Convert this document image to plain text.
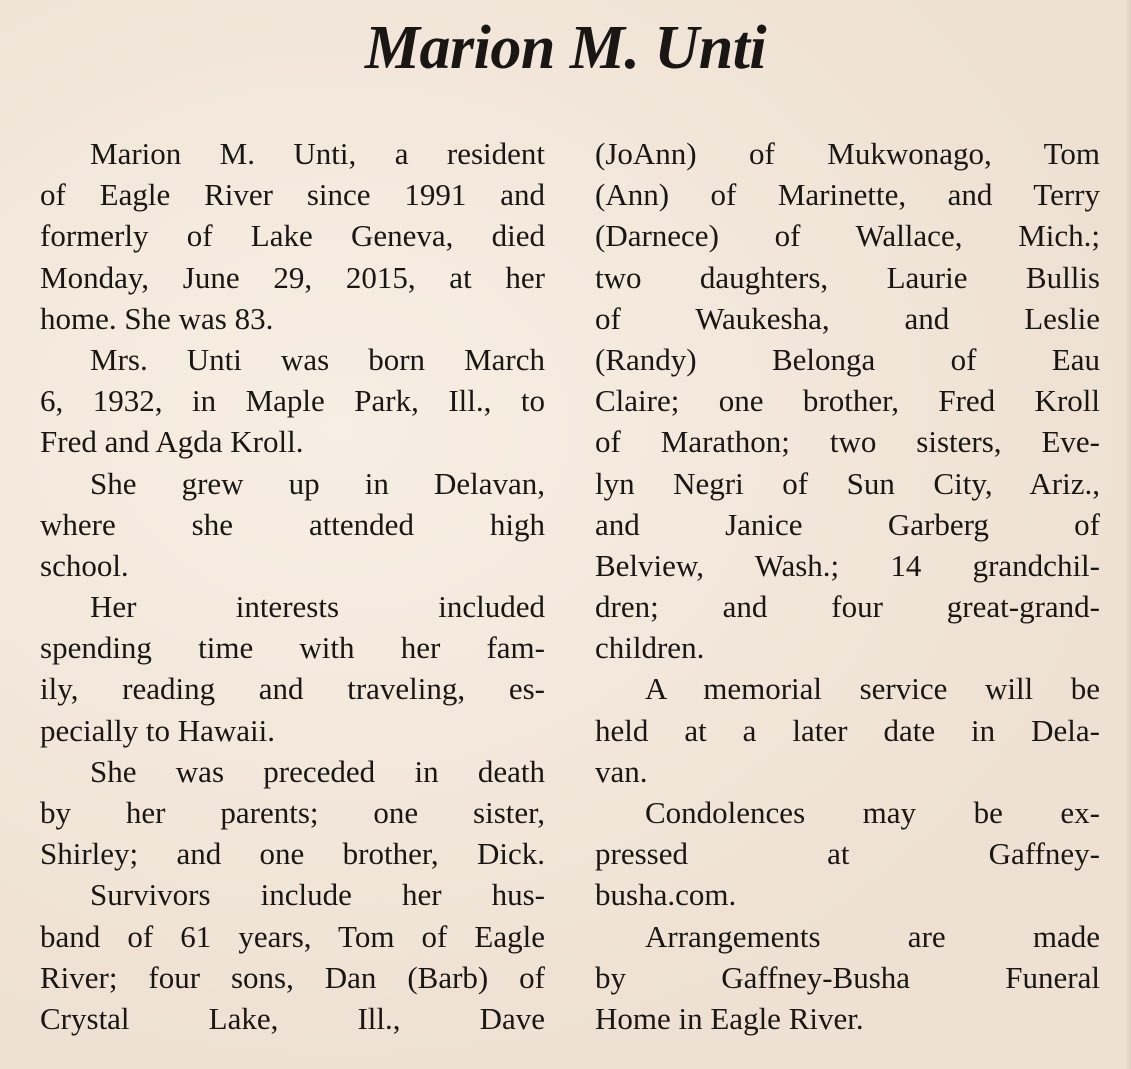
Marion M. Unti
Marion M. Unti, a resident
of Eagle River since 1991 and
formerly of Lake Geneva, died
Monday, June 29, 2015, at her
home. She was 83.
Mrs. Unti was born March
6, 1932, in Maple Park, Ill., to
Fred and Agda Kroll.
She grew up in Delavan,
where she attended high
school.
Her interests included
spending time with her fam-
ily, reading and traveling, es-
pecially to Hawaii.
She was preceded in death
by her parents; one sister,
Shirley; and one brother, Dick.
Survivors include her hus-
band of 61 years, Tom of Eagle
River; four sons, Dan (Barb) of
Crystal Lake, Ill., Dave
(JoAnn) of Mukwonago, Tom
(Ann) of Marinette, and Terry
(Darnece) of Wallace, Mich.;
two daughters, Laurie Bullis
of Waukesha, and Leslie
(Randy) Belonga of Eau
Claire; one brother, Fred Kroll
of Marathon; two sisters, Eve-
lyn Negri of Sun City, Ariz.,
and Janice Garberg of
Belview, Wash.; 14 grandchil-
dren; and four great-grand-
children.
A memorial service will be
held at a later date in Dela-
van.
Condolences may be ex-
pressed at Gaffney-
busha.com.
Arrangements are made
by Gaffney-Busha Funeral
Home in Eagle River.
